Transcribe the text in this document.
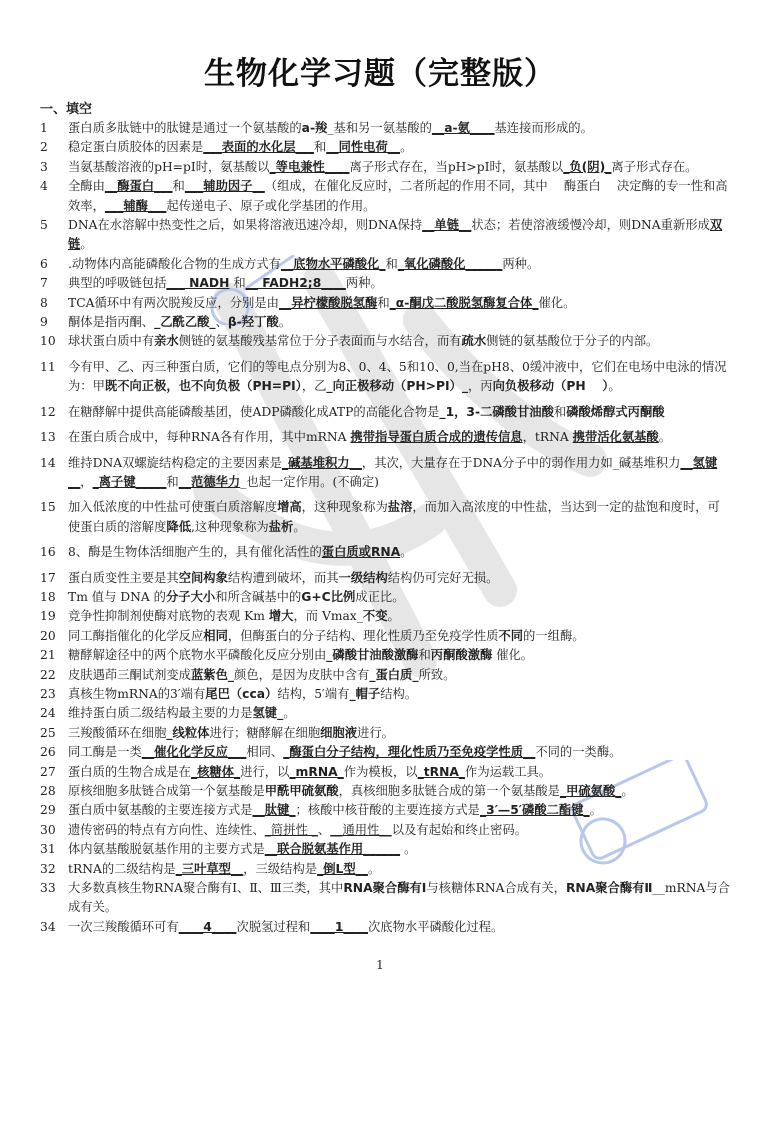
生物化学习题（完整版）
一、填空
1	蛋白质多肽链中的肽键是通过一个氨基酸的a-羧_基和另一氨基酸的__a-氨____基连接而形成的。
2	稳定蛋白质胶体的因素是___表面的水化层___和__同性电荷__。
3	当氨基酸溶液的pH=pI时，氨基酸以_等电兼性____离子形式存在，当pH>pI时，氨基酸以_负(阴)_离子形式存在。
4	全酶由__酶蛋白___和___辅助因子__（组成，在催化反应时，二者所起的作用不同，其中　 酶蛋白　 决定酶的专一性和高效率，___辅酶___起传递电子、原子或化学基团的作用。
5	DNA在水溶解中热变性之后，如果将溶液迅速冷却，则DNA保持__单链__状态；若使溶液缓慢冷却，则DNA重新形成双链。
6	.动物体内高能磷酸化合物的生成方式有__底物水平磷酸化_和_氧化磷酸化______两种。
7	典型的呼吸链包括___ NADH 和__ FADH2;8____两种。
8	TCA循环中有两次脱羧反应，分别是由__异柠檬酸脱氢酶和_α-酮戊二酸脱氢酶复合体_催化。
9	酮体是指丙酮、_乙酰乙酸_、β-羟丁酸。
10	球状蛋白质中有亲水侧链的氨基酸残基常位于分子表面而与水结合，而有疏水侧链的氨基酸位于分子的内部。
11	今有甲、乙、丙三种蛋白质，它们的等电点分别为8、0、4、5和10、0,当在pH8、0缓冲液中，它们在电场中电泳的情况为：甲既不向正极，也不向负极（PH=PI），乙_向正极移动（PH>PI）_，丙向负极移动（PH　 ）。
12	在糖酵解中提供高能磷酸基团，使ADP磷酸化成ATP的高能化合物是_1，3-二磷酸甘油酸和磷酸烯醇式丙酮酸
13	在蛋白质合成中，每种RNA各有作用，其中mRNA 携带指导蛋白质合成的遗传信息，tRNA 携带活化氨基酸。
14	维持DNA双螺旋结构稳定的主要因素是_碱基堆积力__，其次，大量存在于DNA分子中的弱作用力如_碱基堆积力__氢键__，_离子键_____和__范德华力_也起一定作用。(不确定)
15	加入低浓度的中性盐可使蛋白质溶解度增高，这种现象称为盐溶，而加入高浓度的中性盐，当达到一定的盐饱和度时，可使蛋白质的溶解度降低,这种现象称为盐析。
16	8、酶是生物体活细胞产生的，具有催化活性的蛋白质或RNA。
17	蛋白质变性主要是其空间构象结构遭到破坏，而其一级结构结构仍可完好无损。
18	Tm 值与 DNA 的分子大小和所含碱基中的G+C比例成正比。
19	竞争性抑制剂使酶对底物的表观 Km 增大，而 Vmax_不变。
20	同工酶指催化的化学反应相同，但酶蛋白的分子结构、理化性质乃至免疫学性质不同的一组酶。
21	糖酵解途径中的两个底物水平磷酸化反应分别由_磷酸甘油酸激酶和丙酮酸激酶 催化。
22	皮肤遇茚三酮试剂变成蓝紫色_颜色，是因为皮肤中含有_蛋白质_所致。
23	真核生物mRNA的3′端有尾巴（cca）结构，5′端有_帽子结构。
24	维持蛋白质二级结构最主要的力是氢键_。
25	三羧酸循环在细胞_线粒体进行；糖酵解在细胞细胞液进行。
26	同工酶是一类__催化化学反应___相同、_酶蛋白分子结构，理化性质乃至免疫学性质__不同的一类酶。
27	蛋白质的生物合成是在_核糖体_进行，以_mRNA_作为模板，以_tRNA_作为运载工具。
28	原核细胞多肽链合成第一个氨基酸是甲酰甲硫氨酸，真核细胞多肽链合成的第一个氨基酸是_甲硫氨酸_。
29	蛋白质中氨基酸的主要连接方式是__肽键_；核酸中核苷酸的主要连接方式是_3′—5′磷酸二酯键_。
30	遗传密码的特点有方向性、连续性、_简拼性 _、__通用性__以及有起始和终止密码。
31	体内氨基酸脱氨基作用的主要方式是__联合脱氨基作用______ 。
32	tRNA的二级结构是_三叶草型__，三级结构是_倒L型__。
33	大多数真核生物RNA聚合酶有Ⅰ、Ⅱ、Ⅲ三类，其中RNA聚合酶有Ⅰ与核糖体RNA合成有关，RNA聚合酶有Ⅱ__mRNA与合成有关。
34	一次三羧酸循环可有____4____次脱氢过程和____1____次底物水平磷酸化过程。
1
